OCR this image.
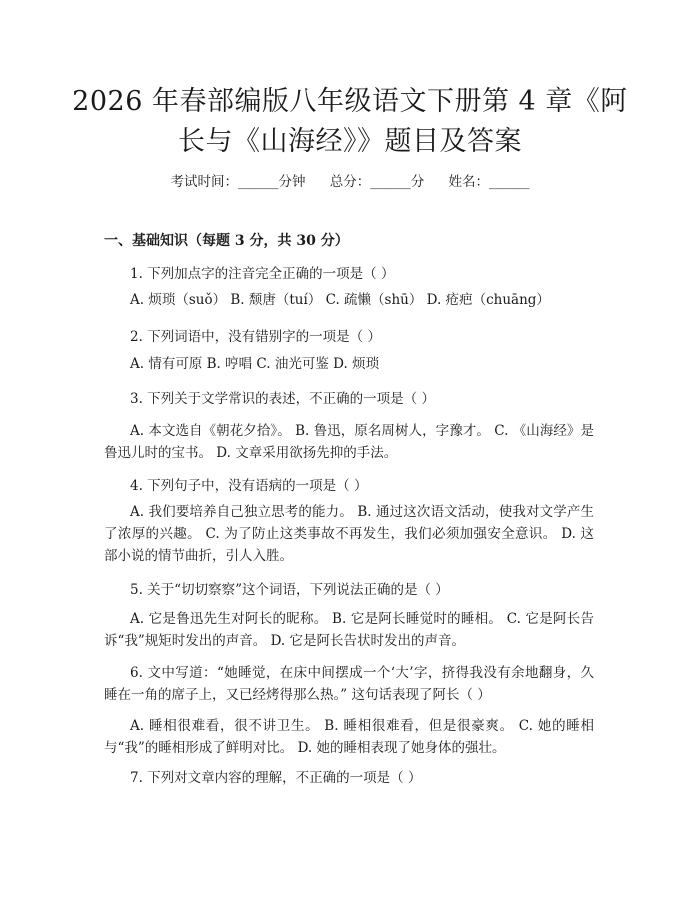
2026 年春部编版八年级语文下册第 4 章《阿长与《山海经》》题目及答案
考试时间：______分钟 总分：______分 姓名：______
一、基础知识（每题 3 分，共 30 分）
1. 下列加点字的注音完全正确的一项是（ ）
A. 烦琐（suǒ） B. 颓唐（tuí） C. 疏懒（shū） D. 疮疤（chuāng）
2. 下列词语中，没有错别字的一项是（ ）
A. 情有可原 B. 哼唱 C. 油光可鉴 D. 烦琐
3. 下列关于文学常识的表述，不正确的一项是（ ）
A. 本文选自《朝花夕拾》。 B. 鲁迅，原名周树人，字豫才。 C. 《山海经》是鲁迅儿时的宝书。 D. 文章采用欲扬先抑的手法。
4. 下列句子中，没有语病的一项是（ ）
A. 我们要培养自己独立思考的能力。 B. 通过这次语文活动，使我对文学产生了浓厚的兴趣。 C. 为了防止这类事故不再发生，我们必须加强安全意识。 D. 这部小说的情节曲折，引人入胜。
5. 关于“切切察察”这个词语，下列说法正确的是（ ）
A. 它是鲁迅先生对阿长的昵称。 B. 它是阿长睡觉时的睡相。 C. 它是阿长告诉“我”规矩时发出的声音。 D. 它是阿长告状时发出的声音。
6. 文中写道：“她睡觉，在床中间摆成一个‘大’字，挤得我没有余地翻身，久睡在一角的席子上，又已经烤得那么热。” 这句话表现了阿长（ ）
A. 睡相很难看，很不讲卫生。 B. 睡相很难看，但是很豪爽。 C. 她的睡相与“我”的睡相形成了鲜明对比。 D. 她的睡相表现了她身体的强壮。
7. 下列对文章内容的理解，不正确的一项是（ ）
